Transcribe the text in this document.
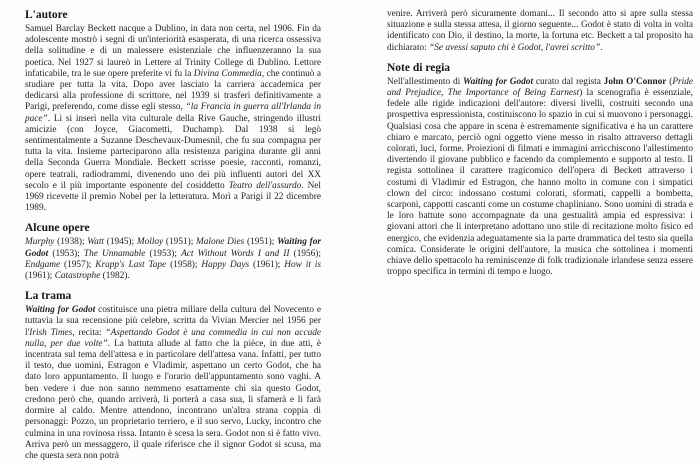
L'autore

Samuel Barclay Beckett nacque a Dublino, in data non certa, nel 1906. Fin da adolescente mostrò i segni di un'interiorità esasperata, di una ricerca ossessiva della solitudine e di un malessere esistenziale che influenzeranno la sua poetica. Nel 1927 si laureò in Lettere al Trinity College di Dublino. Lettore infaticabile, tra le sue opere preferite vi fu la Divina Commedia, che continuò a studiare per tutta la vita. Dopo aver lasciato la carriera accademica per dedicarsi alla professione di scrittore, nel 1939 si trasferì definitivamente a Parigi, preferendo, come disse egli stesso, “la Francia in guerra all'Irlanda in pace”. Lì si inserì nella vita culturale della Rive Gauche, stringendo illustri amicizie (con Joyce, Giacometti, Duchamp). Dal 1938 si legò sentimentalmente a Suzanne Deschevaux-Dumesnil, che fu sua compagna per tutta la vita. Insieme parteciparono alla resistenza parigina durante gli anni della Seconda Guerra Mondiale. Beckett scrisse poesie, racconti, romanzi, opere teatrali, radiodrammi, divenendo uno dei più influenti autori del XX secolo e il più importante esponente del cosiddetto Teatro dell'assurdo. Nel 1969 ricevette il premio Nobel per la letteratura. Morì a Parigi il 22 dicembre 1989.

Alcune opere

Murphy (1938); Watt (1945); Molloy (1951); Malone Dies (1951); Waiting for Godot (1953); The Unnamable (1953); Act Without Words I and II (1956); Endgame (1957); Krapp's Last Tape (1958); Happy Days (1961); How it is (1961); Catastrophe (1982).

La trama

Waiting for Godot costituisce una pietra miliare della cultura del Novecento e tuttavia la sua recensione più celebre, scritta da Vivian Mercier nel 1956 per l'Irish Times, recita: “Aspettando Godot è una commedia in cui non accade nulla, per due volte”. La battuta allude al fatto che la pièce, in due atti, è incentrata sul tema dell'attesa e in particolare dell'attesa vana. Infatti, per tutto il testo, due uomini, Estragon e Vladimir, aspettano un certo Godot, che ha dato loro appuntamento. Il luogo e l'orario dell'appuntamento sono vaghi. A ben vedere i due non sanno nemmeno esattamente chi sia questo Godot, credono però che, quando arriverà, li porterà a casa sua, li sfamerà e li farà dormire al caldo. Mentre attendono, incontrano un'altra strana coppia di personaggi: Pozzo, un proprietario terriero, e il suo servo, Lucky, incontro che culmina in una rovinosa rissa. Intanto è scesa la sera. Godot non si è fatto vivo. Arriva però un messaggero, il quale riferisce che il signor Godot si scusa, ma che questa sera non potrà

venire. Arriverà però sicuramente domani... Il secondo atto si apre sulla stessa situazione e sulla stessa attesa, il giorno seguente... Godot è stato di volta in volta identificato con Dio, il destino, la morte, la fortuna etc. Beckett a tal proposito ha dichiarato: “Se avessi saputo chi è Godot, l'avrei scritto”.

Note di regia

Nell'allestimento di Waiting for Godot curato dal regista John O'Connor (Pride and Prejudice, The Importance of Being Earnest) la scenografia è essenziale, fedele alle rigide indicazioni dell'autore: diversi livelli, costruiti secondo una prospettiva espressionista, costituiscono lo spazio in cui si muovono i personaggi. Qualsiasi cosa che appare in scena è estremamente significativa e ha un carattere chiaro e marcato, perciò ogni oggetto viene messo in risalto attraverso dettagli colorati, luci, forme. Proiezioni di filmati e immagini arricchiscono l'allestimento divertendo il giovane pubblico e facendo da complemento e supporto al testo. Il regista sottolinea il carattere tragicomico dell'opera di Beckett attraverso i costumi di Vladimir ed Estragon, che hanno molto in comune con i simpatici clown del circo: indossano costumi colorati, sformati, cappelli a bombetta, scarponi, cappotti cascanti come un costume chapliniano. Sono uomini di strada e le loro battute sono accompagnate da una gestualità ampia ed espressiva: i giovani attori che li interpretano adottano uno stile di recitazione molto fisico ed energico, che evidenzia adeguatamente sia la parte drammatica del testo sia quella comica. Considerate le origini dell'autore, la musica che sottolinea i momenti chiave dello spettacolo ha reminiscenze di folk tradizionale irlandese senza essere troppo specifica in termini di tempo e luogo.
